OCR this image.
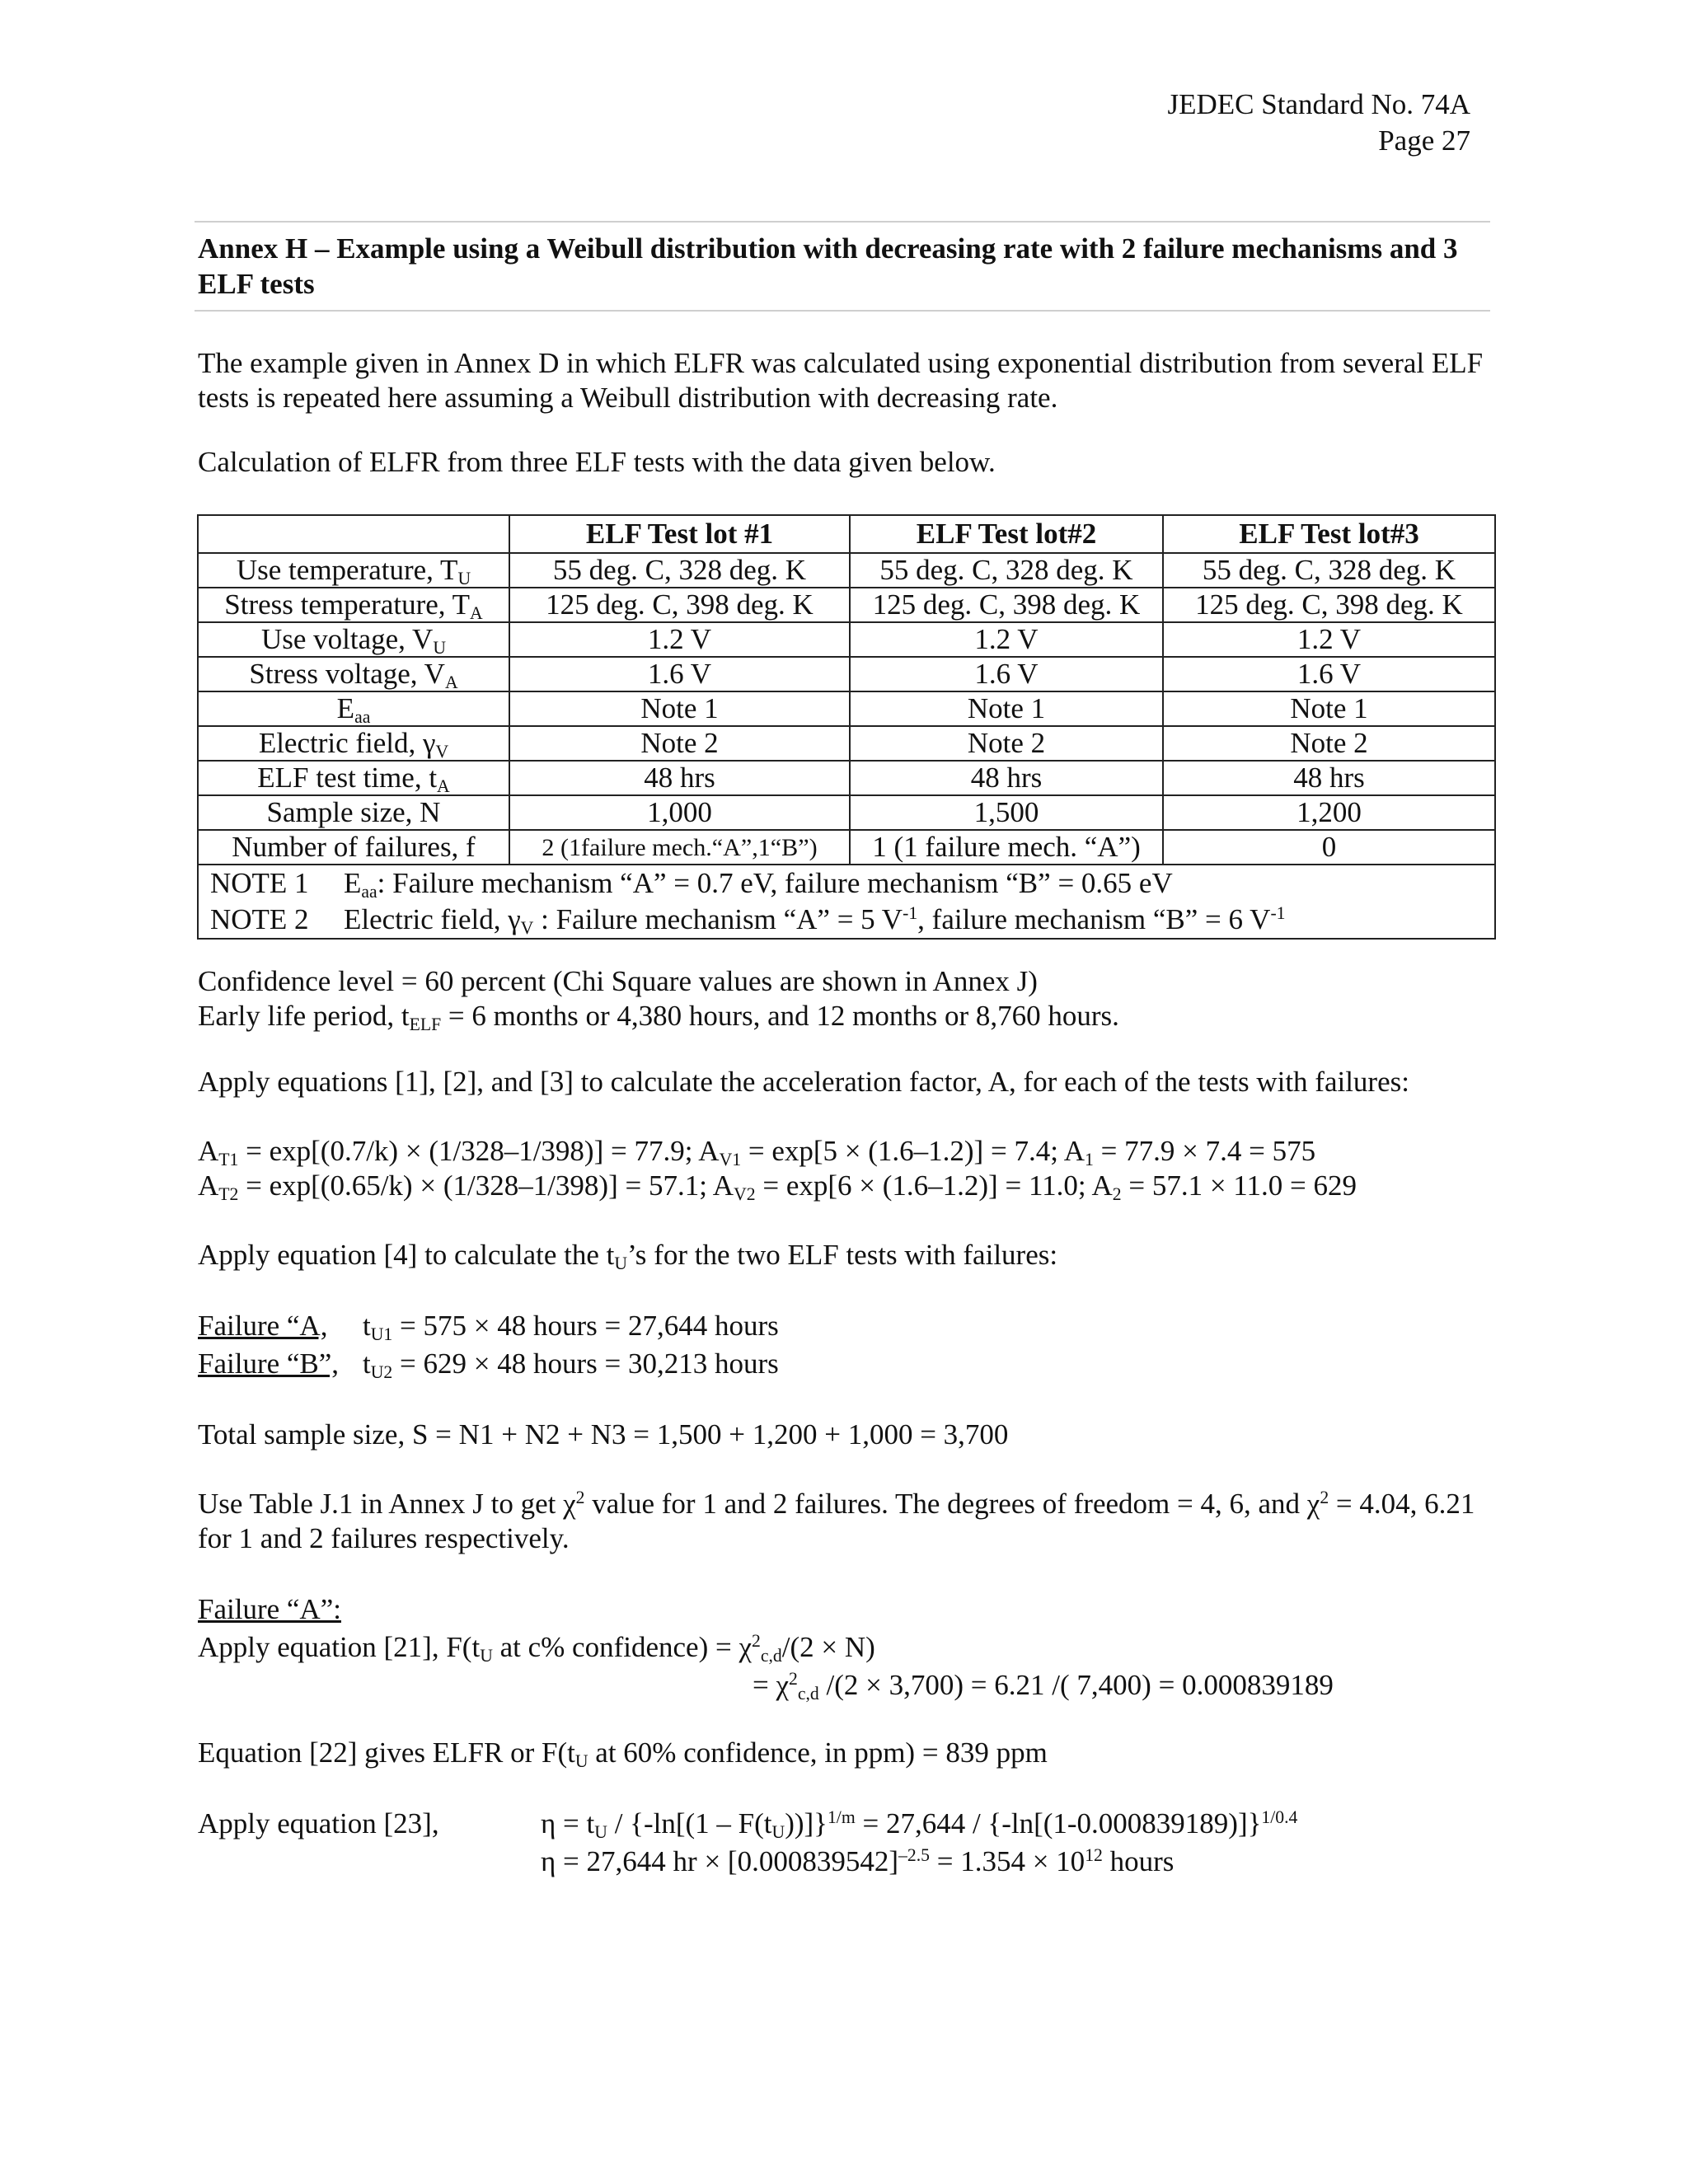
JEDEC Standard No. 74A
Page 27
Annex H – Example using a Weibull distribution with decreasing rate with 2 failure mechanisms and 3 ELF tests
The example given in Annex D in which ELFR was calculated using exponential distribution from several ELF tests is repeated here assuming a Weibull distribution with decreasing rate.
Calculation of ELFR from three ELF tests with the data given below.
	ELF Test lot #1	ELF Test lot#2	ELF Test lot#3
Use temperature, $T_U$	55 deg. C, 328 deg. K	55 deg. C, 328 deg. K	55 deg. C, 328 deg. K
Stress temperature, $T_A$	125 deg. C, 398 deg. K	125 deg. C, 398 deg. K	125 deg. C, 398 deg. K
Use voltage, $V_U$	1.2 V	1.2 V	1.2 V
Stress voltage, $V_A$	1.6 V	1.6 V	1.6 V
$E_{aa}$	Note 1	Note 1	Note 1
Electric field, $\gamma_V$	Note 2	Note 2	Note 2
ELF test time, $t_A$	48 hrs	48 hrs	48 hrs
Sample size, N	1,000	1,500	1,200
Number of failures, f	2 (1failure mech.“A”,1“B”)	1 (1 failure mech. “A”)	0

NOTE 1 $E_{aa}$: Failure mechanism “A” = 0.7 eV, failure mechanism “B” = 0.65 eV
NOTE 2 Electric field, $\gamma_V$ : Failure mechanism “A” = 5 $V^{-1}$, failure mechanism “B” = 6 $V^{-1}$
Confidence level = 60 percent (Chi Square values are shown in Annex J)
Early life period, $t_{ELF} = 6$ months or 4,380 hours, and 12 months or 8,760 hours.
Apply equations [1], [2], and [3] to calculate the acceleration factor, A, for each of the tests with failures:
$A_{T1} = \exp[(0.7/k) \times (1/328-1/398)] = 77.9$; $A_{V1} = \exp[5 \times (1.6-1.2)] = 7.4$; $A_1 = 77.9 \times 7.4 = 575$
$A_{T2} = \exp[(0.65/k) \times (1/328-1/398)] = 57.1$; $A_{V2} = \exp[6 \times (1.6-1.2)] = 11.0$; $A_2 = 57.1 \times 11.0 = 629$
Apply equation [4] to calculate the $t_U’s$ for the two ELF tests with failures:
Failure “A, $t_{U1} = 575 \times 48$ hours = 27,644 hours
Failure “B”, $t_{U2} = 629 \times 48$ hours = 30,213 hours
Total sample size, S = N1 + N2 + N3 = 1,500 + 1,200 + 1,000 = 3,700
Use Table J.1 in Annex J to get $\chi^2$ value for 1 and 2 failures. The degrees of freedom = 4, 6, and $\chi^2 = 4.04$, 6.21 for 1 and 2 failures respectively.
Failure “A”:
Apply equation [21], $F(t_U$ at c% confidence) = $\chi^2_{c,d}/(2 \times N)$
= $\chi^2_{c,d}$ /(2 × 3,700) = 6.21 /( 7,400) = 0.000839189
Equation [22] gives ELFR or $F(t_U$ at 60% confidence, in ppm) = 839 ppm
Apply equation [23],	$\eta = t_U / \{-\ln[(1 - F(t_U))]\}^{1/m} = 27,644 / \{-\ln[(1-0.000839189)]\}^{1/0.4}$
η = 27,644 hr × $[0.000839542]^{-2.5} = 1.354 \times 10^{12}$ hours
